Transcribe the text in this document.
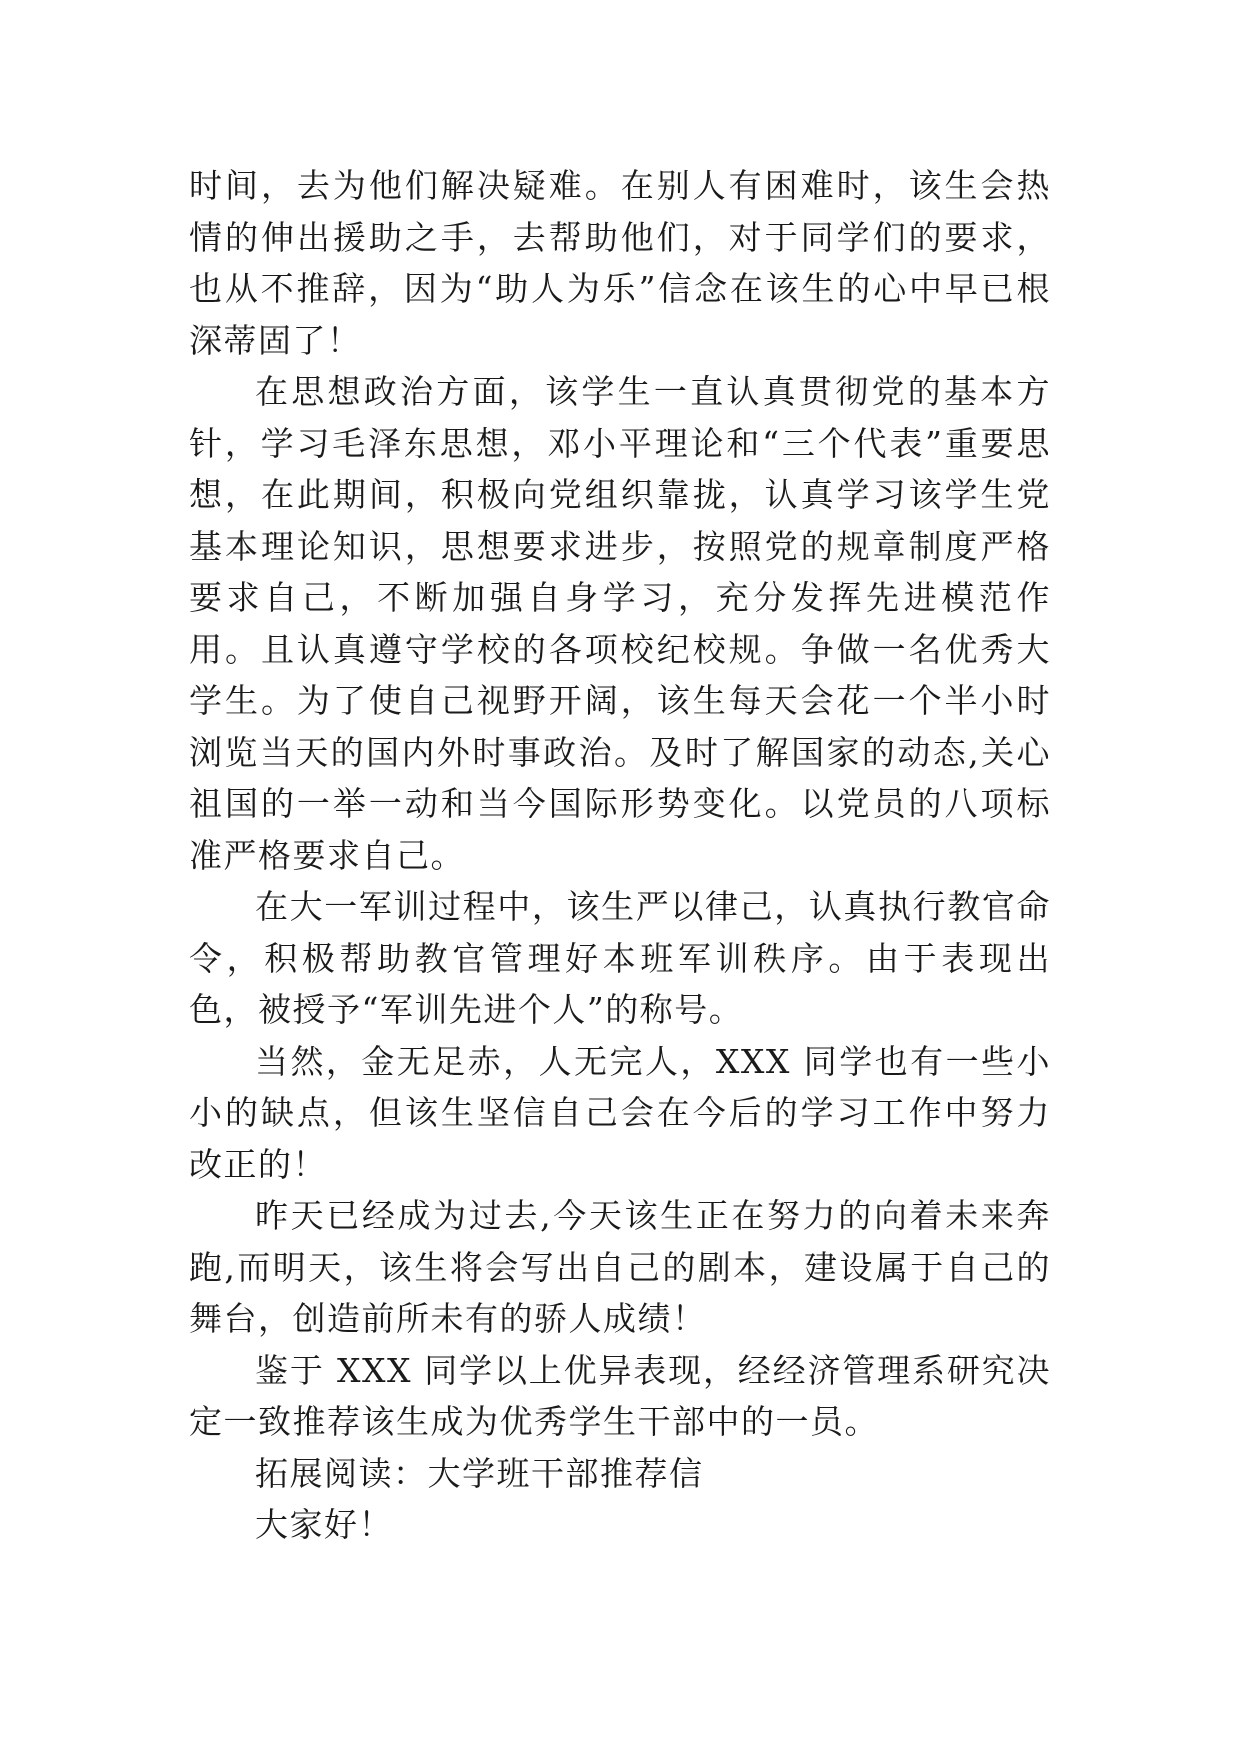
时间，去为他们解决疑难。在别人有困难时，该生会热情的伸出援助之手，去帮助他们，对于同学们的要求，也从不推辞，因为“助人为乐”信念在该生的心中早已根深蒂固了！

在思想政治方面，该学生一直认真贯彻党的基本方针，学习毛泽东思想，邓小平理论和“三个代表”重要思想，在此期间，积极向党组织靠拢，认真学习该学生党基本理论知识，思想要求进步，按照党的规章制度严格要求自己，不断加强自身学习，充分发挥先进模范作用。且认真遵守学校的各项校纪校规。争做一名优秀大学生。为了使自己视野开阔，该生每天会花一个半小时浏览当天的国内外时事政治。及时了解国家的动态,关心祖国的一举一动和当今国际形势变化。以党员的八项标准严格要求自己。

在大一军训过程中，该生严以律己，认真执行教官命令，积极帮助教官管理好本班军训秩序。由于表现出色，被授予“军训先进个人”的称号。

当然，金无足赤，人无完人，XXX 同学也有一些小小的缺点，但该生坚信自己会在今后的学习工作中努力改正的！

昨天已经成为过去,今天该生正在努力的向着未来奔跑,而明天，该生将会写出自己的剧本，建设属于自己的舞台，创造前所未有的骄人成绩！

鉴于 XXX 同学以上优异表现，经经济管理系研究决定一致推荐该生成为优秀学生干部中的一员。

拓展阅读：大学班干部推荐信

大家好！
